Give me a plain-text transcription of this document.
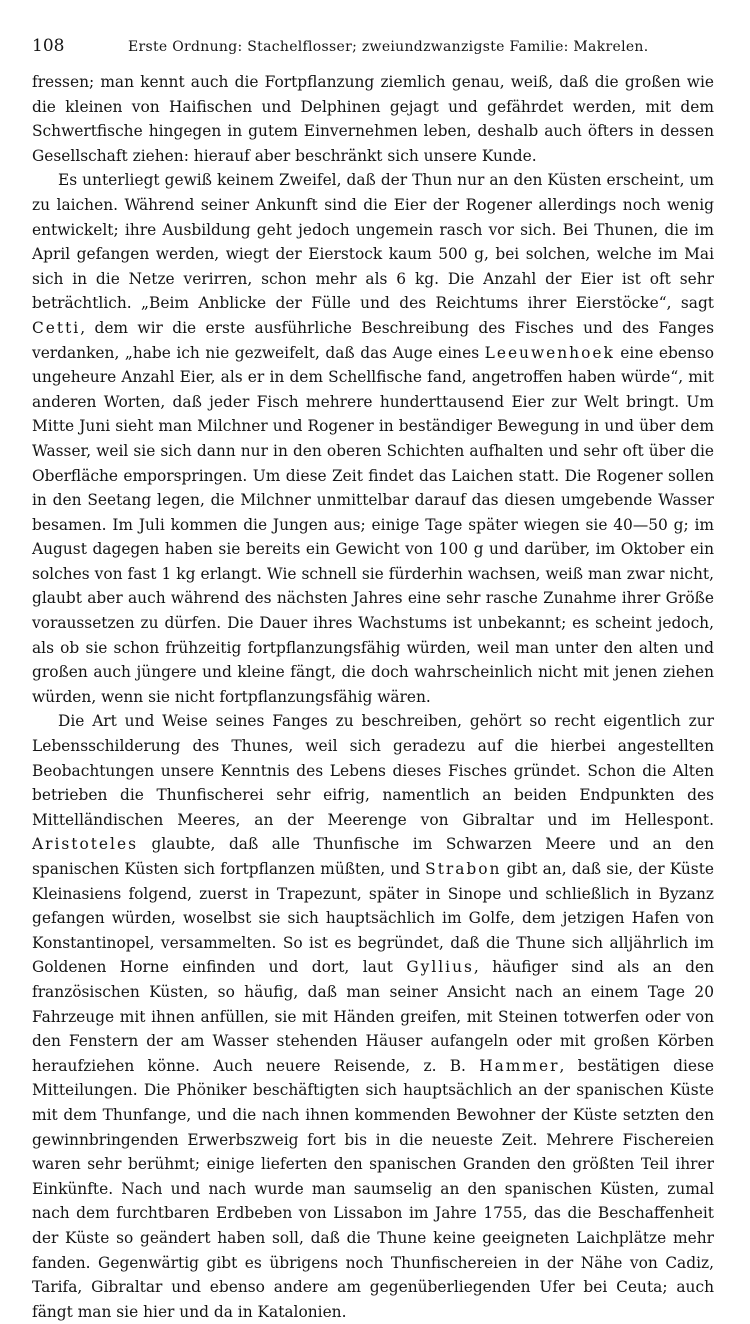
108	Erste Ordnung: Stachelflosser; zweiundzwanzigste Familie: Makrelen.

fressen; man kennt auch die Fortpflanzung ziemlich genau, weiß, daß die großen wie die kleinen von Haifischen und Delphinen gejagt und gefährdet werden, mit dem Schwertfische hingegen in gutem Einvernehmen leben, deshalb auch öfters in dessen Gesellschaft ziehen: hierauf aber beschränkt sich unsere Kunde.

Es unterliegt gewiß keinem Zweifel, daß der Thun nur an den Küsten erscheint, um zu laichen. Während seiner Ankunft sind die Eier der Rogener allerdings noch wenig entwickelt; ihre Ausbildung geht jedoch ungemein rasch vor sich. Bei Thunen, die im April gefangen werden, wiegt der Eierstock kaum 500 g, bei solchen, welche im Mai sich in die Netze verirren, schon mehr als 6 kg. Die Anzahl der Eier ist oft sehr beträchtlich. „Beim Anblicke der Fülle und des Reichtums ihrer Eierstöcke“, sagt Cetti, dem wir die erste ausführliche Beschreibung des Fisches und des Fanges verdanken, „habe ich nie gezweifelt, daß das Auge eines Leeuwenhoek eine ebenso ungeheure Anzahl Eier, als er in dem Schellfische fand, angetroffen haben würde“, mit anderen Worten, daß jeder Fisch mehrere hunderttausend Eier zur Welt bringt. Um Mitte Juni sieht man Milchner und Rogener in beständiger Bewegung in und über dem Wasser, weil sie sich dann nur in den oberen Schichten aufhalten und sehr oft über die Oberfläche emporspringen. Um diese Zeit findet das Laichen statt. Die Rogener sollen in den Seetang legen, die Milchner unmittelbar darauf das diesen umgebende Wasser besamen. Im Juli kommen die Jungen aus; einige Tage später wiegen sie 40—50 g; im August dagegen haben sie bereits ein Gewicht von 100 g und darüber, im Oktober ein solches von fast 1 kg erlangt. Wie schnell sie fürderhin wachsen, weiß man zwar nicht, glaubt aber auch während des nächsten Jahres eine sehr rasche Zunahme ihrer Größe voraussetzen zu dürfen. Die Dauer ihres Wachstums ist unbekannt; es scheint jedoch, als ob sie schon frühzeitig fortpflanzungsfähig würden, weil man unter den alten und großen auch jüngere und kleine fängt, die doch wahrscheinlich nicht mit jenen ziehen würden, wenn sie nicht fortpflanzungsfähig wären.

Die Art und Weise seines Fanges zu beschreiben, gehört so recht eigentlich zur Lebensschilderung des Thunes, weil sich geradezu auf die hierbei angestellten Beobachtungen unsere Kenntnis des Lebens dieses Fisches gründet. Schon die Alten betrieben die Thunfischerei sehr eifrig, namentlich an beiden Endpunkten des Mittelländischen Meeres, an der Meerenge von Gibraltar und im Hellespont. Aristoteles glaubte, daß alle Thunfische im Schwarzen Meere und an den spanischen Küsten sich fortpflanzen müßten, und Strabon gibt an, daß sie, der Küste Kleinasiens folgend, zuerst in Trapezunt, später in Sinope und schließlich in Byzanz gefangen würden, woselbst sie sich hauptsächlich im Golfe, dem jetzigen Hafen von Konstantinopel, versammelten. So ist es begründet, daß die Thune sich alljährlich im Goldenen Horne einfinden und dort, laut Gyllius, häufiger sind als an den französischen Küsten, so häufig, daß man seiner Ansicht nach an einem Tage 20 Fahrzeuge mit ihnen anfüllen, sie mit Händen greifen, mit Steinen totwerfen oder von den Fenstern der am Wasser stehenden Häuser aufangeln oder mit großen Körben heraufziehen könne. Auch neuere Reisende, z. B. Hammer, bestätigen diese Mitteilungen. Die Phöniker beschäftigten sich hauptsächlich an der spanischen Küste mit dem Thunfange, und die nach ihnen kommenden Bewohner der Küste setzten den gewinnbringenden Erwerbszweig fort bis in die neueste Zeit. Mehrere Fischereien waren sehr berühmt; einige lieferten den spanischen Granden den größten Teil ihrer Einkünfte. Nach und nach wurde man saumselig an den spanischen Küsten, zumal nach dem furchtbaren Erdbeben von Lissabon im Jahre 1755, das die Beschaffenheit der Küste so geändert haben soll, daß die Thune keine geeigneten Laichplätze mehr fanden. Gegenwärtig gibt es übrigens noch Thunfischereien in der Nähe von Cadiz, Tarifa, Gibraltar und ebenso andere am gegenüberliegenden Ufer bei Ceuta; auch fängt man sie hier und da in Katalonien.
